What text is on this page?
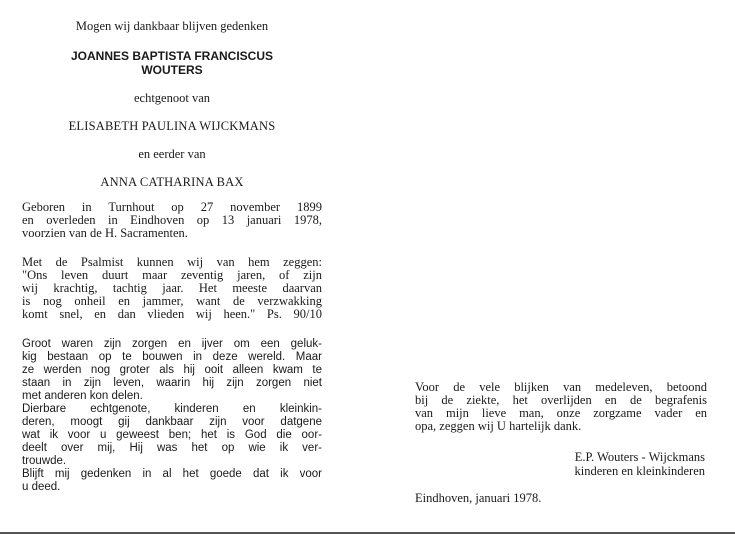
Mogen wij dankbaar blijven gedenken
JOANNES BAPTISTA FRANCISCUS
WOUTERS
echtgenoot van
ELISABETH PAULINA WIJCKMANS
en eerder van
ANNA CATHARINA BAX
Geboren in Turnhout op 27 november 1899
en overleden in Eindhoven op 13 januari 1978,
voorzien van de H. Sacramenten.
Met de Psalmist kunnen wij van hem zeggen:
"Ons leven duurt maar zeventig jaren, of zijn
wij krachtig, tachtig jaar. Het meeste daarvan
is nog onheil en jammer, want de verzwakking
komt snel, en dan vlieden wij heen." Ps. 90/10
Groot waren zijn zorgen en ijver om een geluk-
kig bestaan op te bouwen in deze wereld. Maar
ze werden nog groter als hij ooit alleen kwam te
staan in zijn leven, waarin hij zijn zorgen niet
met anderen kon delen.
Dierbare echtgenote, kinderen en kleinkin-
deren, moogt gij dankbaar zijn voor datgene
wat ik voor u geweest ben; het is God die oor-
deelt over mij, Hij was het op wie ik ver-
trouwde.
Blijft mij gedenken in al het goede dat ik voor
u deed.
Voor de vele blijken van medeleven, betoond
bij de ziekte, het overlijden en de begrafenis
van mijn lieve man, onze zorgzame vader en
opa, zeggen wij U hartelijk dank.
E.P. Wouters - Wijckmans
kinderen en kleinkinderen
Eindhoven, januari 1978.
